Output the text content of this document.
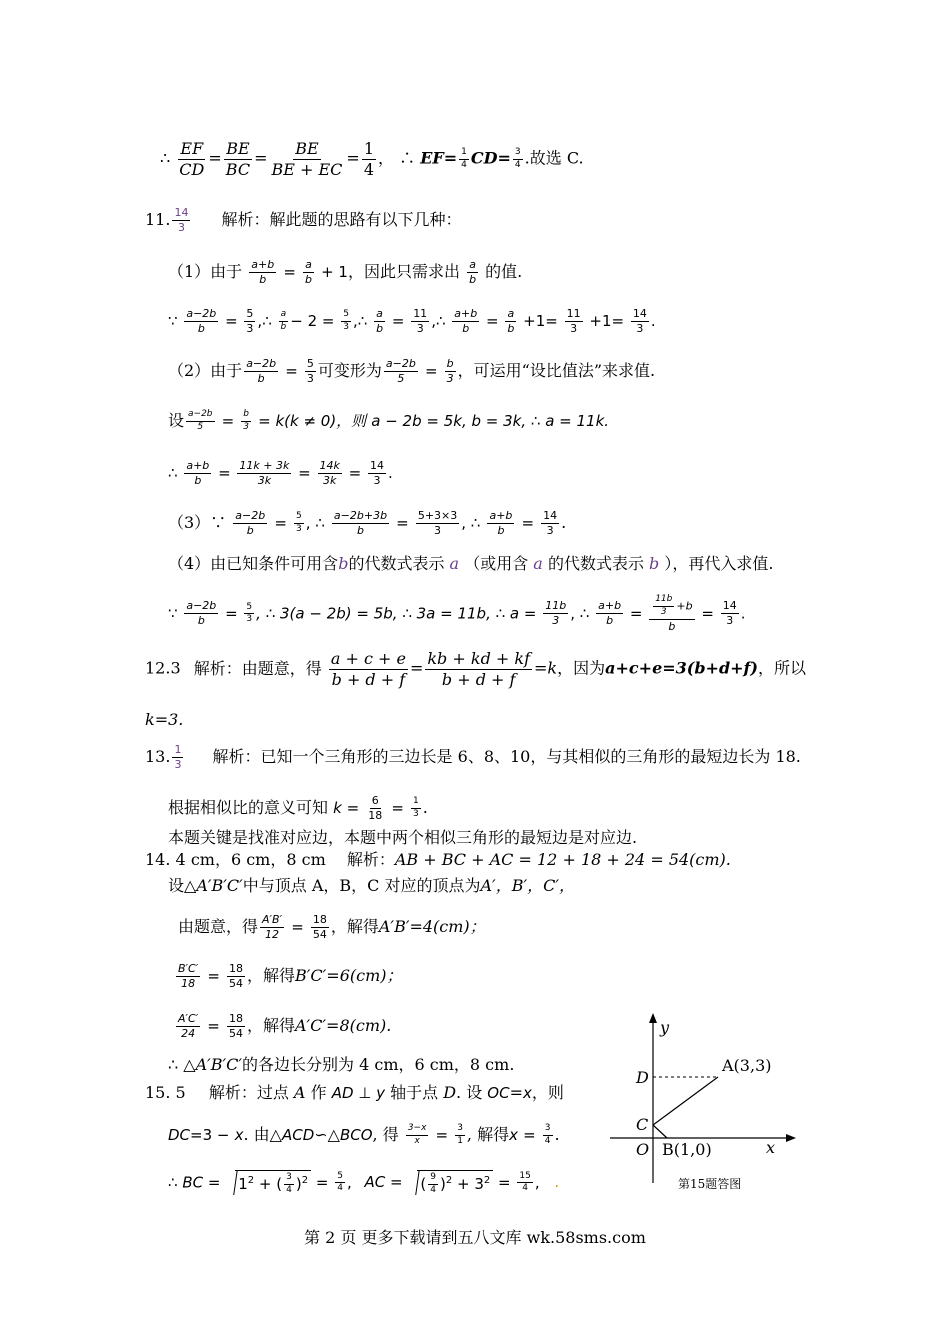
∴ $\frac{EF}{CD} = \frac{BE}{BC} = \frac{BE}{BE + EC} = \frac{1}{4}$ ， ∴ $EF= \frac{1}{4} CD= \frac{3}{4}$ .故选 C.
11. $\frac{14}{3}$ 解析：解此题的思路有以下几种：
（1）由于 $\frac{a+b}{b} = \frac{a}{b} + 1$，因此只需求出 $\frac{a}{b}$ 的值.
∵ $\frac{a-2b}{b} = \frac{5}{3}$ ,∴ $\frac{a}{b} - 2 = \frac{5}{3}$ ,∴ $\frac{a}{b} = \frac{11}{3}$ ,∴ $\frac{a+b}{b} = \frac{a}{b} +1= \frac{11}{3} +1= \frac{14}{3}$ .
（2）由于 $\frac{a-2b}{b} = \frac{5}{3}$ 可变形为 $\frac{a-2b}{5} = \frac{b}{3}$ ，可运用“设比值法”来求值.
设 $\frac{a-2b}{5} = \frac{b}{3} = k(k \ne 0)$，则 a − 2b = 5k, b = 3k, ∴ a = 11k.
∴ $\frac{a+b}{b} = \frac{11k + 3k}{3k} = \frac{14k}{3k} = \frac{14}{3}$ .
（3）∵ $\frac{a-2b}{b} = \frac{5}{3}$ , ∴ $\frac{a-2b+3b}{b} = \frac{5+3\times 3}{3}$ , ∴ $\frac{a+b}{b} = \frac{14}{3}$ .
（4）由已知条件可用含b的代数式表示 a （或用含 a 的代数式表示 b ），再代入求值.
∵ $\frac{a-2b}{b} = \frac{5}{3}$ , ∴ 3(a − 2b) = 5b, ∴ 3a = 11b, ∴ $a = \frac{11b}{3}$ , ∴ $\frac{a+b}{b} = \frac{\frac{11b}{3} +b}{b} = \frac{14}{3}$ .
12.3 解析：由题意，得 $\frac{a + c + e}{b + d + f} = \frac{kb + kd + kf}{b + d + f} =k$，因为a+c+e=3(b+d+f)，所以
k=3.
13. $\frac{1}{3}$ 解析：已知一个三角形的三边长是 6、8、10，与其相似的三角形的最短边长为 18.
根据相似比的意义可知 $k = \frac{6}{18} = \frac{1}{3}$ .
本题关键是找准对应边，本题中两个相似三角形的最短边是对应边.
14. 4 cm，6 cm，8 cm 解析：AB + BC + AC = 12 + 18 + 24 = 54(cm).
设△A′B′C′中与顶点 A，B，C 对应的顶点为A′，B′，C′，
由题意，得 $\frac{A'B'}{12} = \frac{18}{54}$ ，解得A′B′=4(cm)；
$\frac{B'C'}{18} = \frac{18}{54}$ ，解得B′C′=6(cm)；
$\frac{A'C'}{24} = \frac{18}{54}$ ，解得A′C′=8(cm).
∴ △A′B′C′的各边长分别为 4 cm，6 cm，8 cm.
15. 5 解析：过点 A 作 AD ⊥ y 轴于点 D. 设 OC=x，则
DC=3 − x. 由△ACD∽△BCO, 得 $\frac{3-x}{x} = \frac{3}{1}$ , 解得$x = \frac{3}{4}$ .
∴ BC = $1^2$ + ( $\frac{3}{4} )^2 = \frac{5}{4}$ , AC = ( $\frac{9}{4} )^2 + 3^2 = \frac{15}{4}$ , .
y
D
A(3,3)
C
O B(1,0)	x
第15题答图
第 2 页 更多下载请到五八文库 wk.58sms.com
